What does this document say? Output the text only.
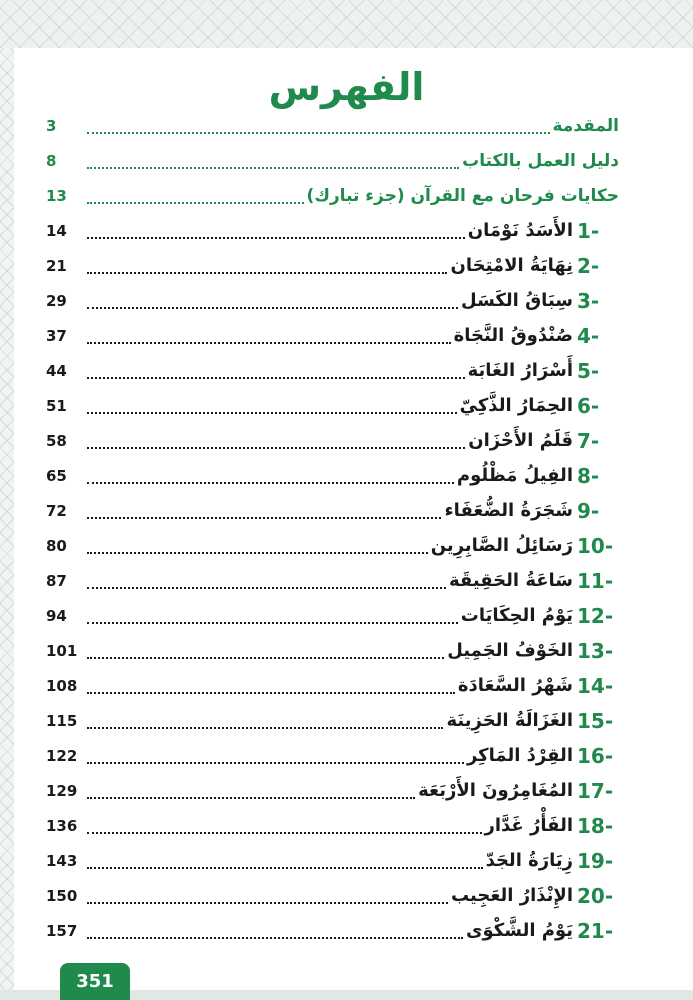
الفهرس
المقدمة
3
دليل العمل بالكتاب
8
حكايات فرحان مع القرآن (جزء تبارك)
13
1-
الأَسَدُ نَوْمَان
14
2-
نِهَايَةُ الامْتِحَان
21
3-
سِبَاقُ الكَسَل
29
4-
صُنْدُوقُ النَّجَاة
37
5-
أَسْرَارُ الغَابَة
44
6-
الحِمَارُ الذَّكِيّ
51
7-
قَلَمُ الأَحْزَان
58
8-
الفِيلُ مَظْلُوم
65
9-
شَجَرَةُ الضُّعَفَاء
72
10-
رَسَائِلُ الصَّابِرِين
80
11-
سَاعَةُ الحَقِيقَة
87
12-
يَوْمُ الحِكَايَات
94
13-
الخَوْفُ الجَمِيل
101
14-
شَهْرُ السَّعَادَة
108
15-
الغَزَالَةُ الحَزِينَة
115
16-
القِرْدُ المَاكِر
122
17-
المُغَامِرُونَ الأَرْبَعَة
129
18-
الفَأْرُ غَدَّار
136
19-
زِيَارَةُ الجَدّ
143
20-
الإِنْذَارُ العَجِيب
150
21-
يَوْمُ الشَّكْوَى
157
351
